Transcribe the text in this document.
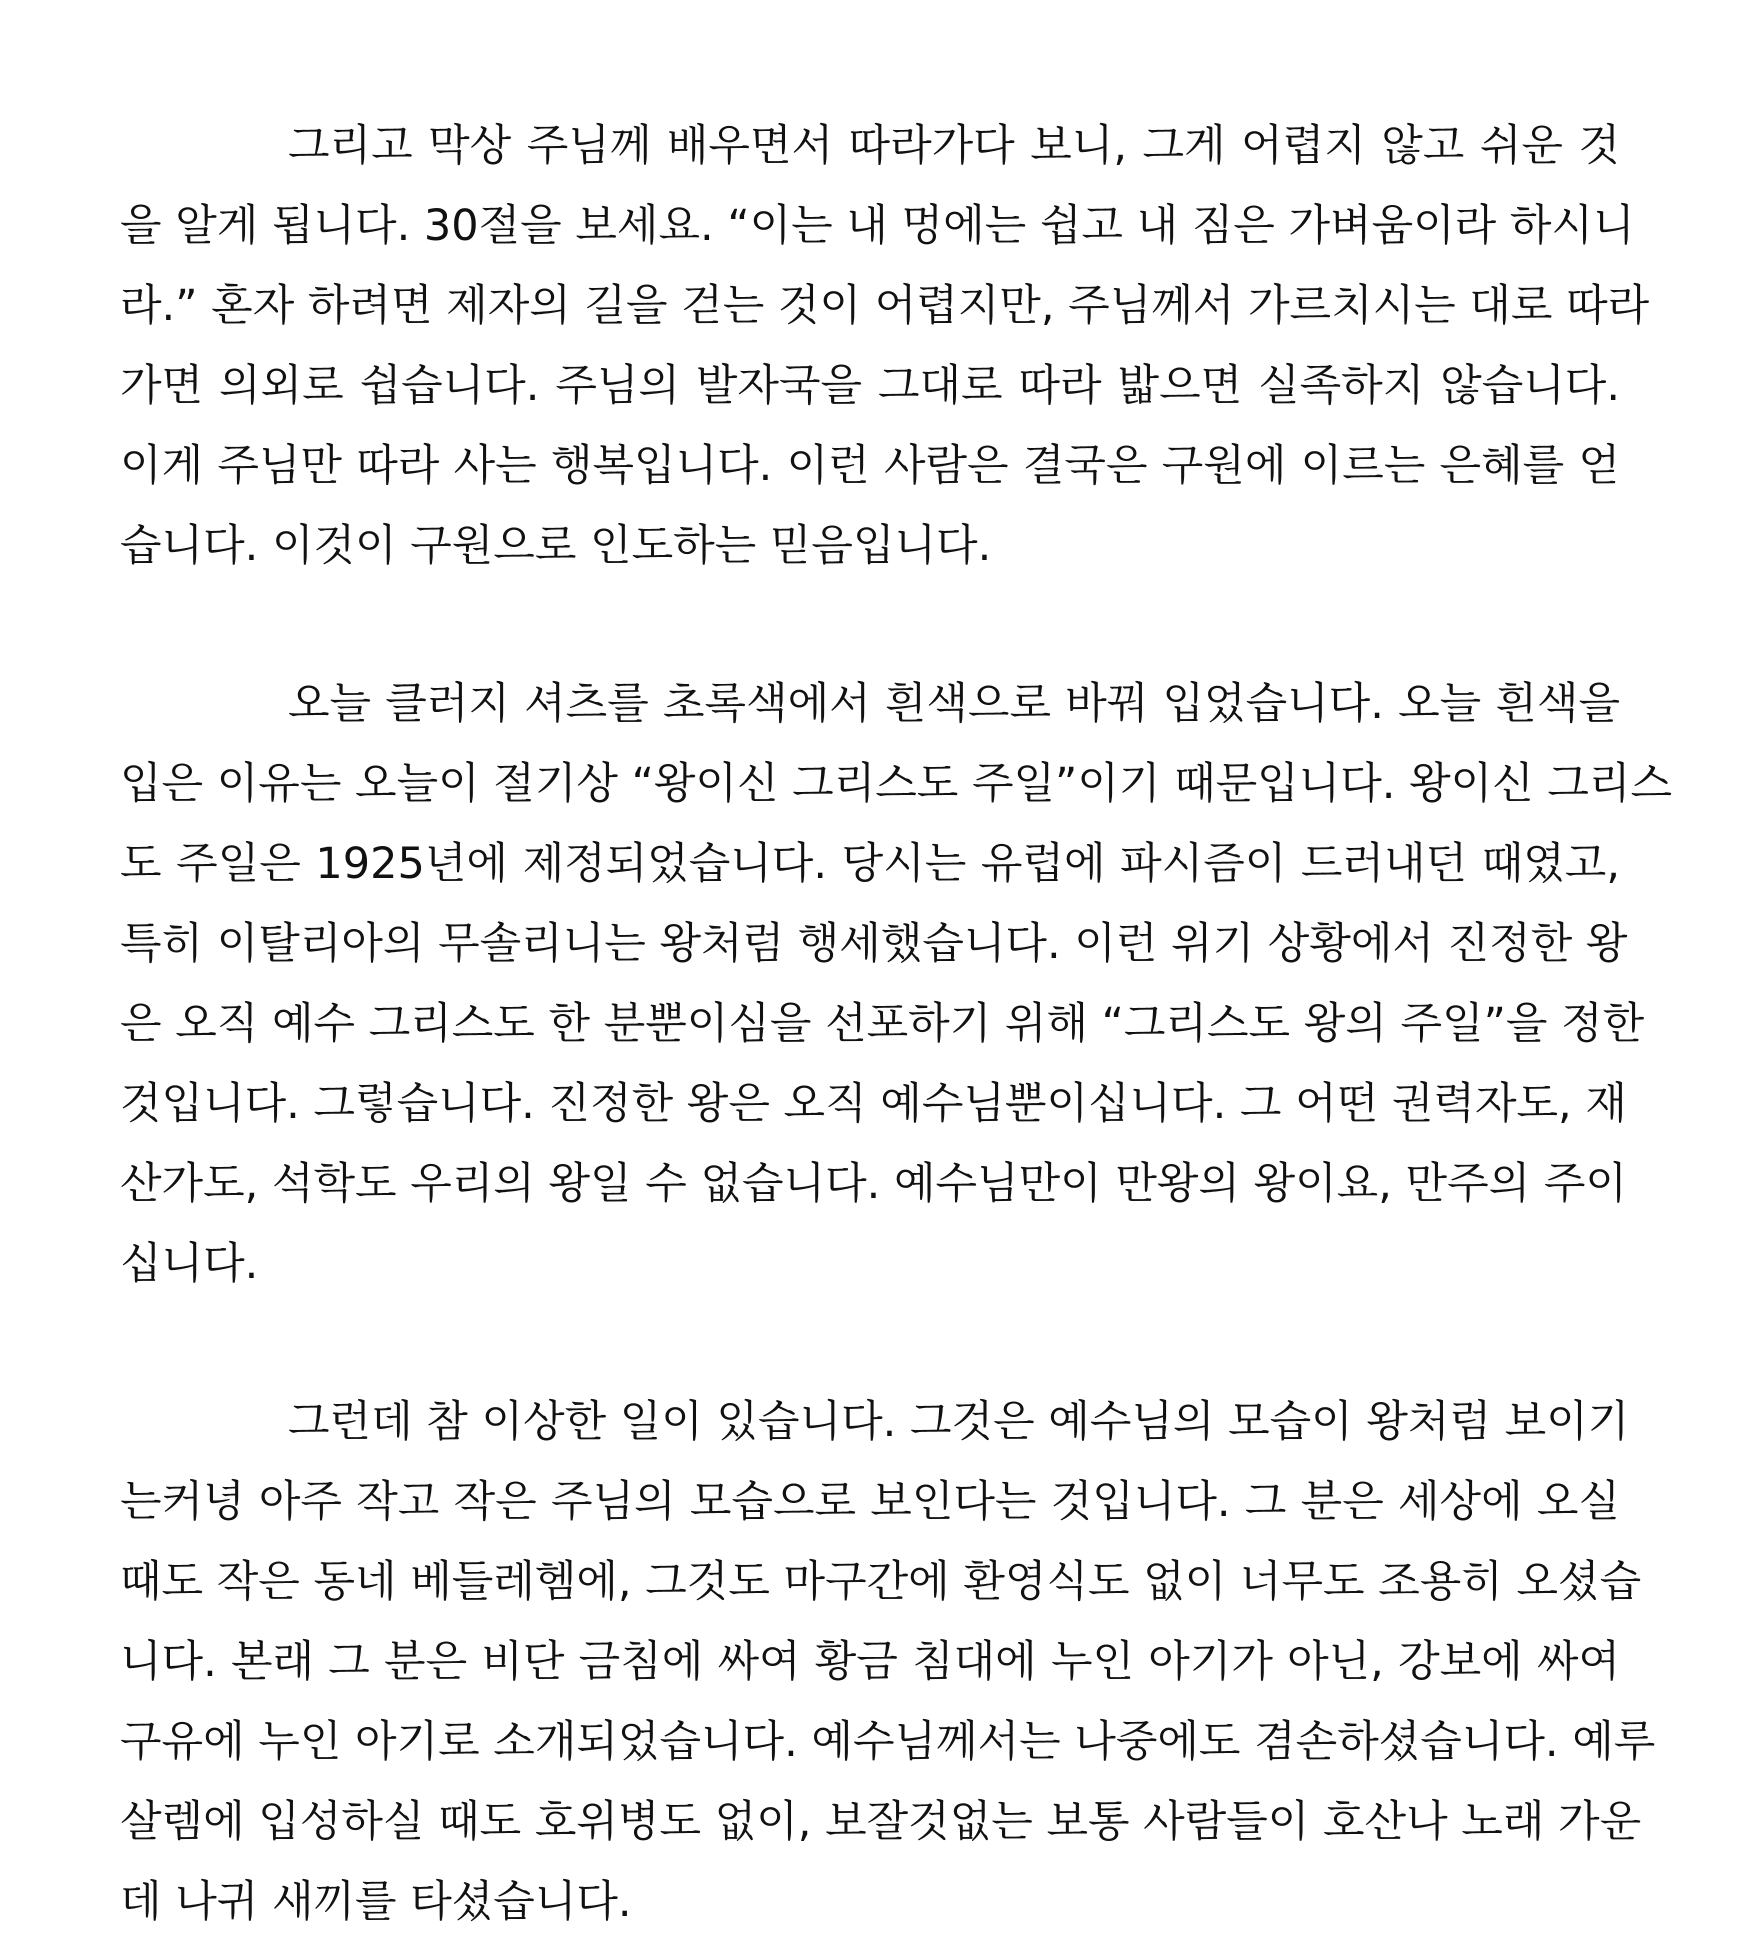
그리고 막상 주님께 배우면서 따라가다 보니, 그게 어렵지 않고 쉬운 것
을 알게 됩니다. 30절을 보세요. “이는 내 멍에는 쉽고 내 짐은 가벼움이라 하시니
라.” 혼자 하려면 제자의 길을 걷는 것이 어렵지만, 주님께서 가르치시는 대로 따라
가면 의외로 쉽습니다. 주님의 발자국을 그대로 따라 밟으면 실족하지 않습니다.
이게 주님만 따라 사는 행복입니다. 이런 사람은 결국은 구원에 이르는 은혜를 얻
습니다. 이것이 구원으로 인도하는 믿음입니다.
오늘 클러지 셔츠를 초록색에서 흰색으로 바꿔 입었습니다. 오늘 흰색을
입은 이유는 오늘이 절기상 “왕이신 그리스도 주일”이기 때문입니다. 왕이신 그리스
도 주일은 1925년에 제정되었습니다. 당시는 유럽에 파시즘이 드러내던 때였고,
특히 이탈리아의 무솔리니는 왕처럼 행세했습니다. 이런 위기 상황에서 진정한 왕
은 오직 예수 그리스도 한 분뿐이심을 선포하기 위해 “그리스도 왕의 주일”을 정한
것입니다. 그렇습니다. 진정한 왕은 오직 예수님뿐이십니다. 그 어떤 권력자도, 재
산가도, 석학도 우리의 왕일 수 없습니다. 예수님만이 만왕의 왕이요, 만주의 주이
십니다.
그런데 참 이상한 일이 있습니다. 그것은 예수님의 모습이 왕처럼 보이기
는커녕 아주 작고 작은 주님의 모습으로 보인다는 것입니다. 그 분은 세상에 오실
때도 작은 동네 베들레헴에, 그것도 마구간에 환영식도 없이 너무도 조용히 오셨습
니다. 본래 그 분은 비단 금침에 싸여 황금 침대에 누인 아기가 아닌, 강보에 싸여
구유에 누인 아기로 소개되었습니다. 예수님께서는 나중에도 겸손하셨습니다. 예루
살렘에 입성하실 때도 호위병도 없이, 보잘것없는 보통 사람들이 호산나 노래 가운
데 나귀 새끼를 타셨습니다.
